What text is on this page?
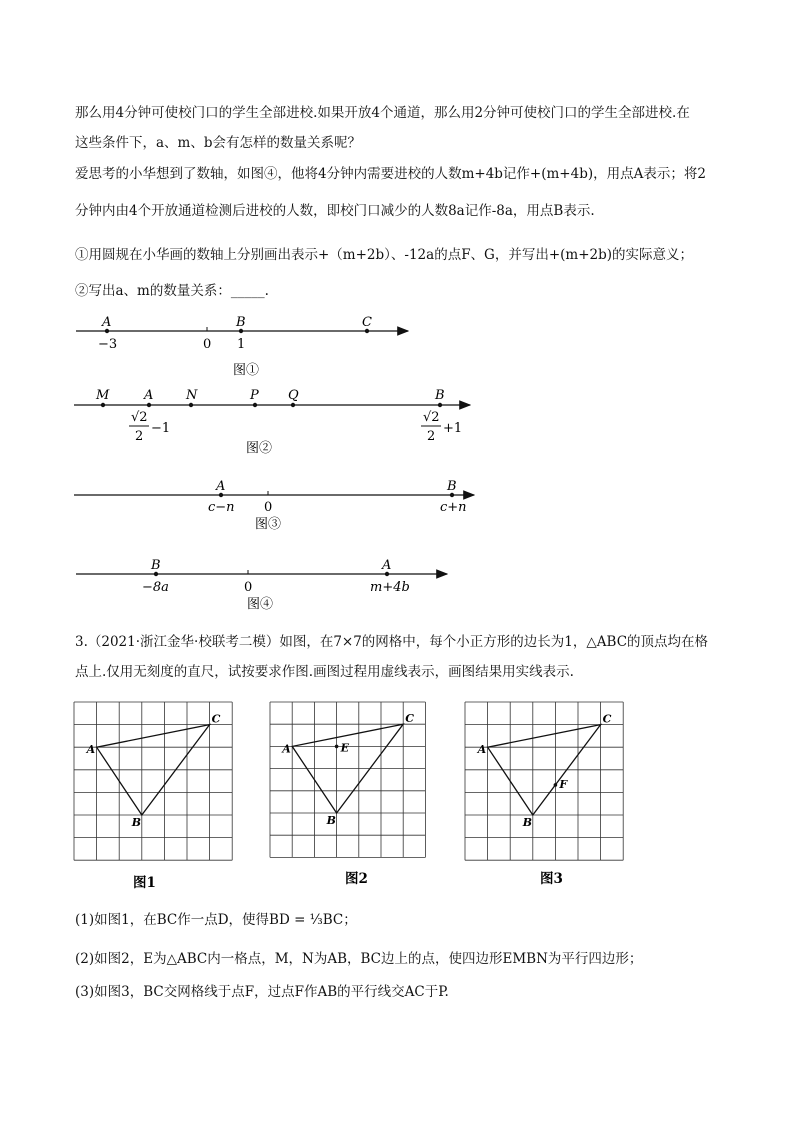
那么用4分钟可使校门口的学生全部进校.如果开放4个通道，那么用2分钟可使校门口的学生全部进校.在
这些条件下，a、m、b会有怎样的数量关系呢？
爱思考的小华想到了数轴，如图④，他将4分钟内需要进校的人数m+4b记作+(m+4b)，用点A表示；将2
分钟内由4个开放通道检测后进校的人数，即校门口减少的人数8a记作-8a，用点B表示.
①用圆规在小华画的数轴上分别画出表示+（m+2b）、-12a的点F、G，并写出+(m+2b)的实际意义；
②写出a、m的数量关系：_____.
A	B	C
−3	0 1
图①
M	A	N	P Q	B
√2
2
−1
√2
2
+1
图②
A	B
c−n 0	c+n
图③
B	A
−8a	0	m+4b
图④
3.（2021·浙江金华·校联考二模）如图，在7×7的网格中，每个小正方形的边长为1，△ABC的顶点均在格
点上.仅用无刻度的直尺，试按要求作图.画图过程用虚线表示，画图结果用实线表示.
A
B
C
A
B
C
E	A
B
C
F
图1	图2	图3
(1)如图1，在BC作一点D，使得BD = ⅓BC；
(2)如图2，E为△ABC内一格点，M，N为AB，BC边上的点，使四边形EMBN为平行四边形；
(3)如图3，BC交网格线于点F，过点F作AB的平行线交AC于P.
